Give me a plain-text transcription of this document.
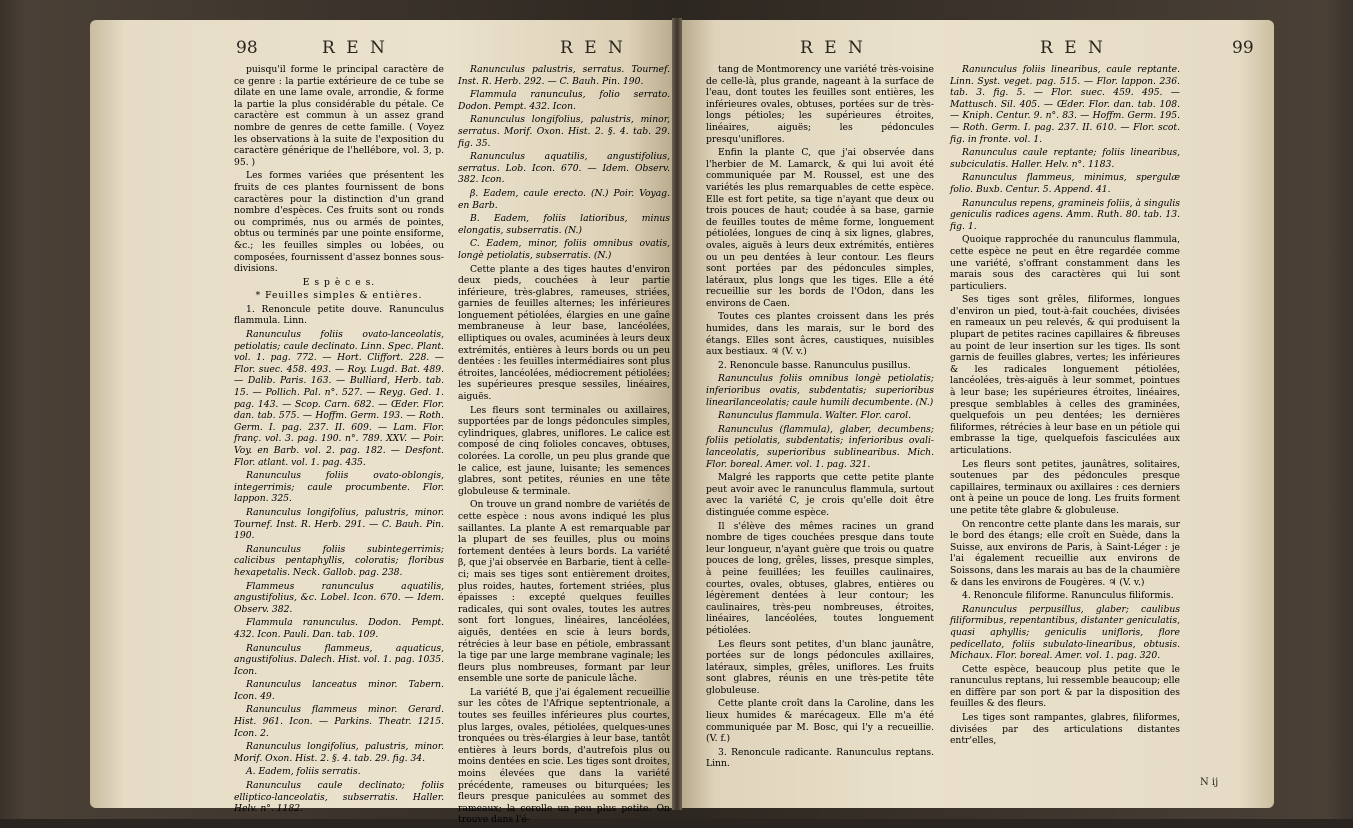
98	R E N	R E N	R E N	R E N	99

puisqu'il forme le principal caractère de ce genre : la partie extérieure de ce tube se dilate en une lame ovale, arrondie, & forme la partie la plus considérable du pétale. Ce caractère est commun à un assez grand nombre de genres de cette famille. ( Voyez les observations à la suite de l'exposition du caractère générique de l'hellébore, vol. 3, p. 95. )

Les formes variées que présentent les fruits de ces plantes fournissent de bons caractères pour la distinction d'un grand nombre d'espèces. Ces fruits sont ou ronds ou comprimés, nus ou armés de pointes, obtus ou terminés par une pointe ensiforme, &c.; les feuilles simples ou lobées, ou composées, fournissent d'assez bonnes sous-divisions.

E s p è c e s.

* Feuilles simples & entières.

1. Renoncule petite douve. Ranunculus flammula. Linn.

Ranunculus foliis ovato-lanceolatis, petiolatis; caule declinato. Linn. Spec. Plant. vol. 1. pag. 772. — Hort. Cliffort. 228. — Flor. suec. 458. 493. — Roy. Lugd. Bat. 489. — Dalib. Paris. 163. — Bulliard, Herb. tab. 15. — Pollich. Pal. n°. 527. — Reyg. Ged. 1. pag. 143. — Scop. Carn. 682. — Œder. Flor. dan. tab. 575. — Hoffm. Germ. 193. — Roth. Germ. I. pag. 237. II. 609. — Lam. Flor. franç. vol. 3. pag. 190. n°. 789. XXV. — Poir. Voy. en Barb. vol. 2. pag. 182. — Desfont. Flor. atlant. vol. 1. pag. 435.

Ranunculus foliis ovato-oblongis, integerrimis; caule procumbente. Flor. lappon. 325.

Ranunculus longifolius, palustris, minor. Tournef. Inst. R. Herb. 291. — C. Bauh. Pin. 190.

Ranunculus foliis subintegerrimis; calicibus pentaphyllis, coloratis; floribus hexapetalis. Neck. Gallob. pag. 238.

Flammeus ranunculus aquatilis, angustifolius, &c. Lobel. Icon. 670. — Idem. Observ. 382.

Flammula ranunculus. Dodon. Pempt. 432. Icon. Pauli. Dan. tab. 109.

Ranunculus flammeus, aquaticus, angustifolius. Dalech. Hist. vol. 1. pag. 1035. Icon.

Ranunculus lanceatus minor. Tabern. Icon. 49.

Ranunculus flammeus minor. Gerard. Hist. 961. Icon. — Parkins. Theatr. 1215. Icon. 2.

Ranunculus longifolius, palustris, minor. Morif. Oxon. Hist. 2. §. 4. tab. 29. fig. 34.

A. Eadem, foliis serratis.

Ranunculus caule declinato; foliis elliptico-lanceolatis, subserratis. Haller. Helv. n°. 1182.

Ranunculus palustris, serratus. Tournef. Inst. R. Herb. 292. — C. Bauh. Pin. 190.

Flammula ranunculus, folio serrato. Dodon. Pempt. 432. Icon.

Ranunculus longifolius, palustris, minor, serratus. Morif. Oxon. Hist. 2. §. 4. tab. 29. fig. 35.

Ranunculus aquatilis, angustifolius, serratus. Lob. Icon. 670. — Idem. Observ. 382. Icon.

β. Eadem, caule erecto. (N.) Poir. Voyag. en Barb.

B. Eadem, foliis latioribus, minus elongatis, subserratis. (N.)

C. Eadem, minor, foliis omnibus ovatis, longè petiolatis, subserratis. (N.)

Cette plante a des tiges hautes d'environ deux pieds, couchées à leur partie inférieure, très-glabres, rameuses, striées, garnies de feuilles alternes; les inférieures longuement pétiolées, élargies en une gaîne membraneuse à leur base, lancéolées, elliptiques ou ovales, acuminées à leurs deux extrémités, entières à leurs bords ou un peu dentées : les feuilles intermédiaires sont plus étroites, lancéolées, médiocrement pétiolées; les supérieures presque sessiles, linéaires, aiguës.

Les fleurs sont terminales ou axillaires, supportées par de longs pédoncules simples, cylindriques, glabres, uniflores. Le calice est composé de cinq folioles concaves, obtuses, colorées. La corolle, un peu plus grande que le calice, est jaune, luisante; les semences glabres, sont petites, réunies en une tête globuleuse & terminale.

On trouve un grand nombre de variétés de cette espèce : nous avons indiqué les plus saillantes. La plante A est remarquable par la plupart de ses feuilles, plus ou moins fortement dentées à leurs bords. La variété β, que j'ai observée en Barbarie, tient à celle-ci; mais ses tiges sont entièrement droites, plus roides, hautes, fortement striées, plus épaisses : excepté quelques feuilles radicales, qui sont ovales, toutes les autres sont fort longues, linéaires, lancéolées, aiguës, dentées en scie à leurs bords, rétrécies à leur base en pétiole, embrassant la tige par une large membrane vaginale; les fleurs plus nombreuses, formant par leur ensemble une sorte de panicule lâche.

La variété B, que j'ai également recueillie sur les côtes de l'Afrique septentrionale, a toutes ses feuilles inférieures plus courtes, plus larges, ovales, pétiolées, quelques-unes tronquées ou très-élargies à leur base, tantôt entières à leurs bords, d'autrefois plus ou moins dentées en scie. Les tiges sont droites, moins élevées que dans la variété précédente, rameuses ou biturquées; les fleurs presque paniculées au sommet des rameaux; la corolle un peu plus petite. On trouve dans l'é-

tang de Montmorency une variété très-voisine de celle-là, plus grande, nageant à la surface de l'eau, dont toutes les feuilles sont entières, les inférieures ovales, obtuses, portées sur de très-longs pétioles; les supérieures étroites, linéaires, aiguës; les pédoncules presqu'uniflores.

Enfin la plante C, que j'ai observée dans l'herbier de M. Lamarck, & qui lui avoit été communiquée par M. Roussel, est une des variétés les plus remarquables de cette espèce. Elle est fort petite, sa tige n'ayant que deux ou trois pouces de haut; coudée à sa base, garnie de feuilles toutes de même forme, longuement pétiolées, longues de cinq à six lignes, glabres, ovales, aiguës à leurs deux extrémités, entières ou un peu dentées à leur contour. Les fleurs sont portées par des pédoncules simples, latéraux, plus longs que les tiges. Elle a été recueillie sur les bords de l'Odon, dans les environs de Caen.

Toutes ces plantes croissent dans les prés humides, dans les marais, sur le bord des étangs. Elles sont âcres, caustiques, nuisibles aux bestiaux. ♃ (V. v.)

2. Renoncule basse. Ranunculus pusillus.

Ranunculus foliis omnibus longè petiolatis; inferioribus ovatis, subdentatis; superioribus linearilanceolatis; caule humili decumbente. (N.)

Ranunculus flammula. Walter. Flor. carol.

Ranunculus (flammula), glaber, decumbens; foliis petiolatis, subdentatis; inferioribus ovali-lanceolatis, superioribus sublinearibus. Mich. Flor. boreal. Amer. vol. 1. pag. 321.

Malgré les rapports que cette petite plante peut avoir avec le ranunculus flammula, surtout avec la variété C, je crois qu'elle doit être distinguée comme espèce.

Il s'élève des mêmes racines un grand nombre de tiges couchées presque dans toute leur longueur, n'ayant guère que trois ou quatre pouces de long, grêles, lisses, presque simples, à peine feuillées; les feuilles caulinaires, courtes, ovales, obtuses, glabres, entières ou légèrement dentées à leur contour; les caulinaires, très-peu nombreuses, étroites, linéaires, lancéolées, toutes longuement pétiolées.

Les fleurs sont petites, d'un blanc jaunâtre, portées sur de longs pédoncules axillaires, latéraux, simples, grêles, uniflores. Les fruits sont glabres, réunis en une très-petite tête globuleuse.

Cette plante croît dans la Caroline, dans les lieux humides & marécageux. Elle m'a été communiquée par M. Bosc, qui l'y a recueillie. (V. f.)

3. Renoncule radicante. Ranunculus reptans. Linn.

Ranunculus foliis linearibus, caule reptante. Linn. Syst. veget. pag. 515. — Flor. lappon. 236. tab. 3. fig. 5. — Flor. suec. 459. 495. — Mattusch. Sil. 405. — Œder. Flor. dan. tab. 108. — Kniph. Centur. 9. n°. 83. — Hoffm. Germ. 195. — Roth. Germ. I. pag. 237. II. 610. — Flor. scot. fig. in fronte. vol. 1.

Ranunculus caule reptante; foliis linearibus, subciculatis. Haller. Helv. n°. 1183.

Ranunculus flammeus, minimus, spergulæ folio. Buxb. Centur. 5. Append. 41.

Ranunculus repens, gramineis foliis, à singulis geniculis radices agens. Amm. Ruth. 80. tab. 13. fig. 1.

Quoique rapprochée du ranunculus flammula, cette espèce ne peut en être regardée comme une variété, s'offrant constamment dans les marais sous des caractères qui lui sont particuliers.

Ses tiges sont grêles, filiformes, longues d'environ un pied, tout-à-fait couchées, divisées en rameaux un peu relevés, & qui produisent la plupart de petites racines capillaires & fibreuses au point de leur insertion sur les tiges. Ils sont garnis de feuilles glabres, vertes; les inférieures & les radicales longuement pétiolées, lancéolées, très-aiguës à leur sommet, pointues à leur base; les supérieures étroites, linéaires, presque semblables à celles des graminées, quelquefois un peu dentées; les dernières filiformes, rétrécies à leur base en un pétiole qui embrasse la tige, quelquefois fasciculées aux articulations.

Les fleurs sont petites, jaunâtres, solitaires, soutenues par des pédoncules presque capillaires, terminaux ou axillaires : ces derniers ont à peine un pouce de long. Les fruits forment une petite tête glabre & globuleuse.

On rencontre cette plante dans les marais, sur le bord des étangs; elle croît en Suède, dans la Suisse, aux environs de Paris, à Saint-Léger : je l'ai également recueillie aux environs de Soissons, dans les marais au bas de la chaumière & dans les environs de Fougères. ♃ (V. v.)

4. Renoncule filiforme. Ranunculus filiformis.

Ranunculus perpusillus, glaber; caulibus filiformibus, repentantibus, distanter geniculatis, quasi aphyllis; geniculis unifloris, flore pedicellato, foliis subulato-linearibus, obtusis. Michaux. Flor. boreal. Amer. vol. 1. pag. 320.

Cette espèce, beaucoup plus petite que le ranunculus reptans, lui ressemble beaucoup; elle en diffère par son port & par la disposition des feuilles & des fleurs.

Les tiges sont rampantes, glabres, filiformes, divisées par des articulations distantes entr'elles,

N ij
